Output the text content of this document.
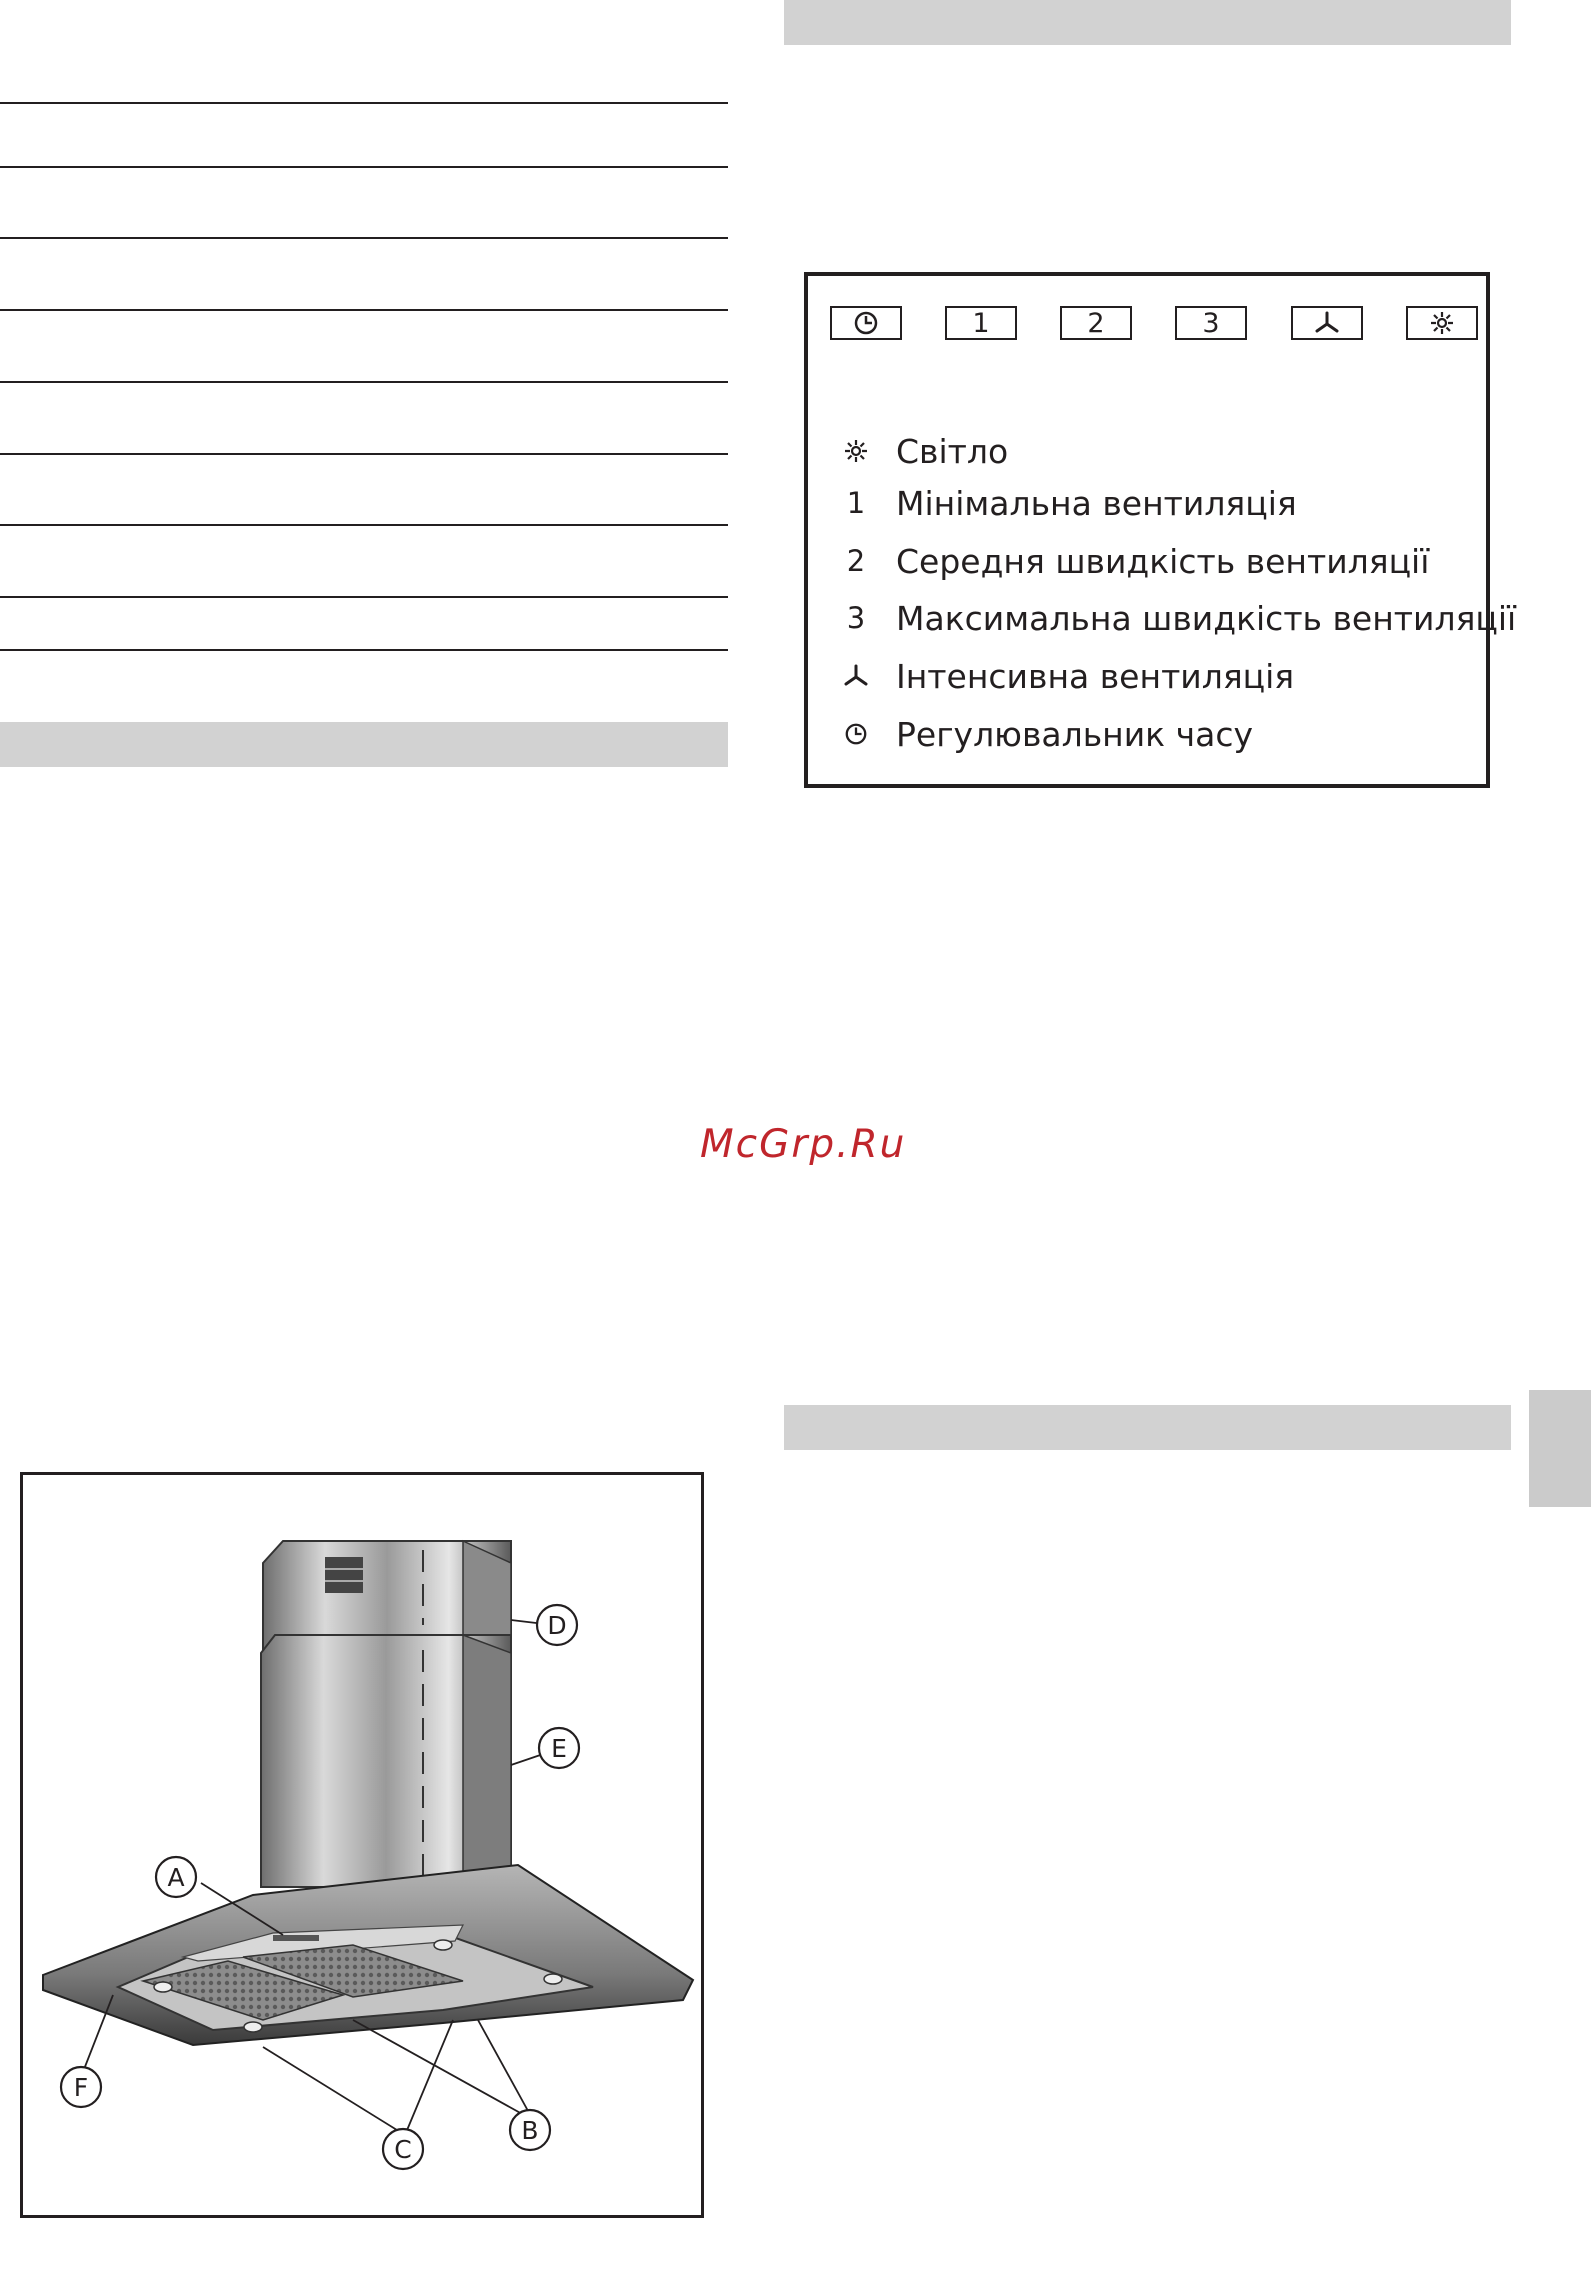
1	2	3
Світло
1 Мінімальна вентиляція
2 Середня швидкість вентиляції
3 Максимальна швидкість вентиляції
Інтенсивна вентиляція
Регулювальник часу
McGrp.Ru
A
B
C
D
E
F
